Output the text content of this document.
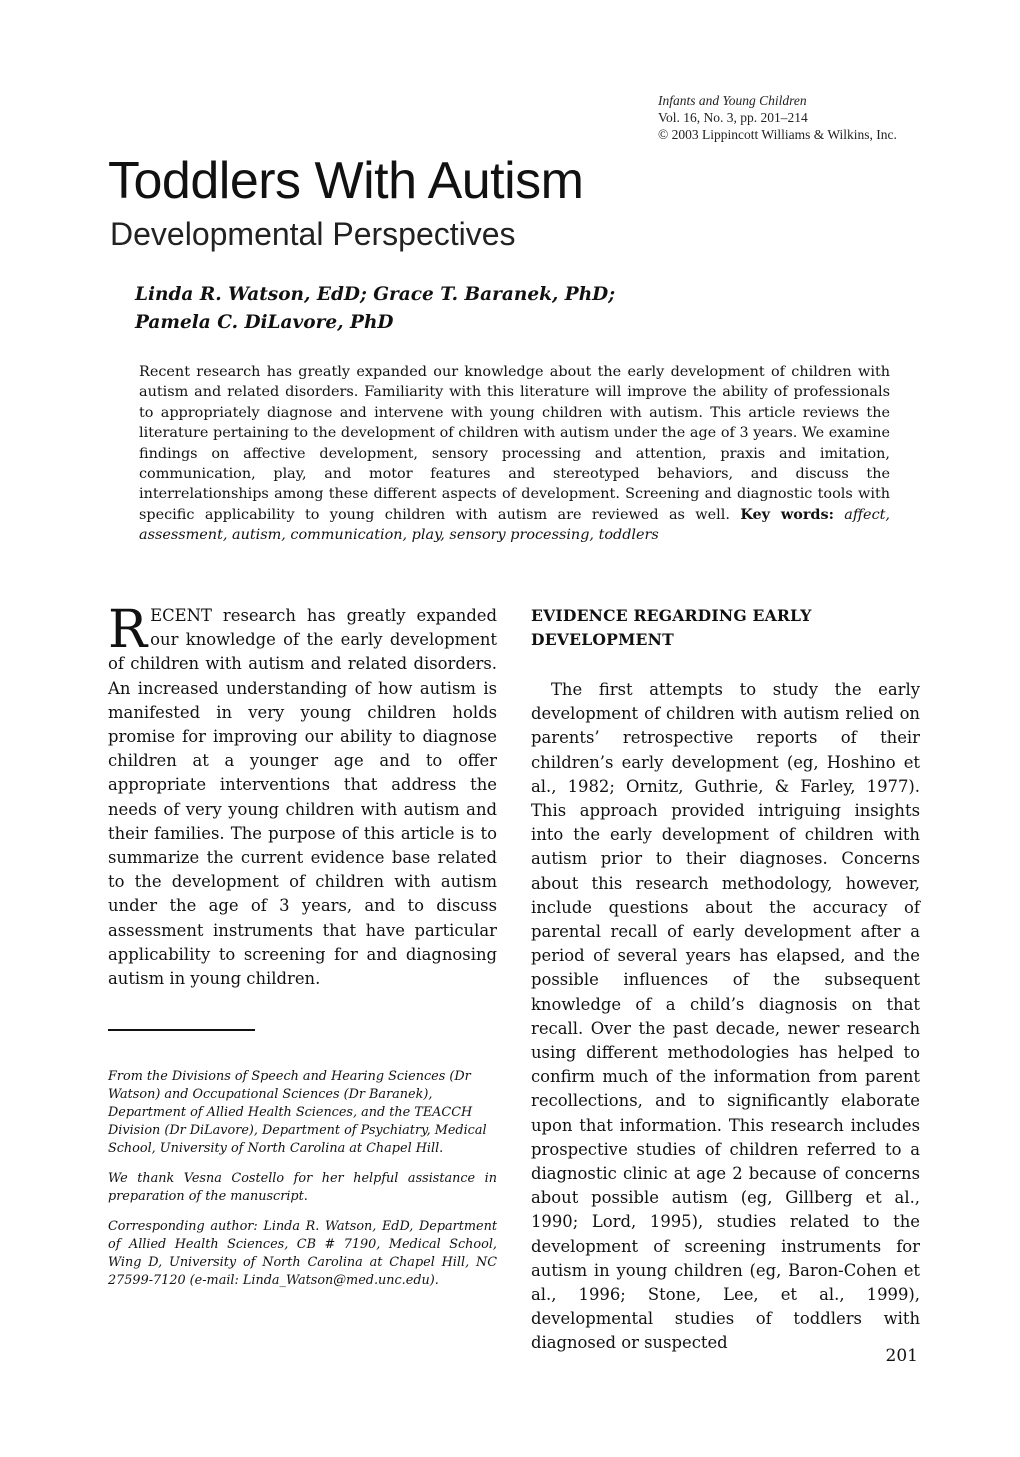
Infants and Young Children
Vol. 16, No. 3, pp. 201–214
© 2003 Lippincott Williams & Wilkins, Inc.
Toddlers With Autism
Developmental Perspectives
Linda R. Watson, EdD; Grace T. Baranek, PhD;
Pamela C. DiLavore, PhD
Recent research has greatly expanded our knowledge about the early development of children with autism and related disorders. Familiarity with this literature will improve the ability of professionals to appropriately diagnose and intervene with young children with autism. This article reviews the literature pertaining to the development of children with autism under the age of 3 years. We examine findings on affective development, sensory processing and attention, praxis and imitation, communication, play, and motor features and stereotyped behaviors, and discuss the interrelationships among these different aspects of development. Screening and diagnostic tools with specific applicability to young children with autism are reviewed as well. Key words: affect, assessment, autism, communication, play, sensory processing, toddlers

RECENT research has greatly expanded our knowledge of the early development of children with autism and related disorders. An increased understanding of how autism is manifested in very young children holds promise for improving our ability to diagnose children at a younger age and to offer appropriate interventions that address the needs of very young children with autism and their families. The purpose of this article is to summarize the current evidence base related to the development of children with autism under the age of 3 years, and to discuss assessment instruments that have particular applicability to screening for and diagnosing autism in young children.

From the Divisions of Speech and Hearing Sciences (Dr Watson) and Occupational Sciences (Dr Baranek), Department of Allied Health Sciences, and the TEACCH Division (Dr DiLavore), Department of Psychiatry, Medical School, University of North Carolina at Chapel Hill.

We thank Vesna Costello for her helpful assistance in preparation of the manuscript.

Corresponding author: Linda R. Watson, EdD, Department of Allied Health Sciences, CB # 7190, Medical School, Wing D, University of North Carolina at Chapel Hill, NC 27599-7120 (e-mail: Linda_Watson@med.unc.edu).

EVIDENCE REGARDING EARLY DEVELOPMENT

The first attempts to study the early development of children with autism relied on parents’ retrospective reports of their children’s early development (eg, Hoshino et al., 1982; Ornitz, Guthrie, & Farley, 1977). This approach provided intriguing insights into the early development of children with autism prior to their diagnoses. Concerns about this research methodology, however, include questions about the accuracy of parental recall of early development after a period of several years has elapsed, and the possible influences of the subsequent knowledge of a child’s diagnosis on that recall. Over the past decade, newer research using different methodologies has helped to confirm much of the information from parent recollections, and to significantly elaborate upon that information. This research includes prospective studies of children referred to a diagnostic clinic at age 2 because of concerns about possible autism (eg, Gillberg et al., 1990; Lord, 1995), studies related to the development of screening instruments for autism in young children (eg, Baron-Cohen et al., 1996; Stone, Lee, et al., 1999), developmental studies of toddlers with diagnosed or suspected

201
